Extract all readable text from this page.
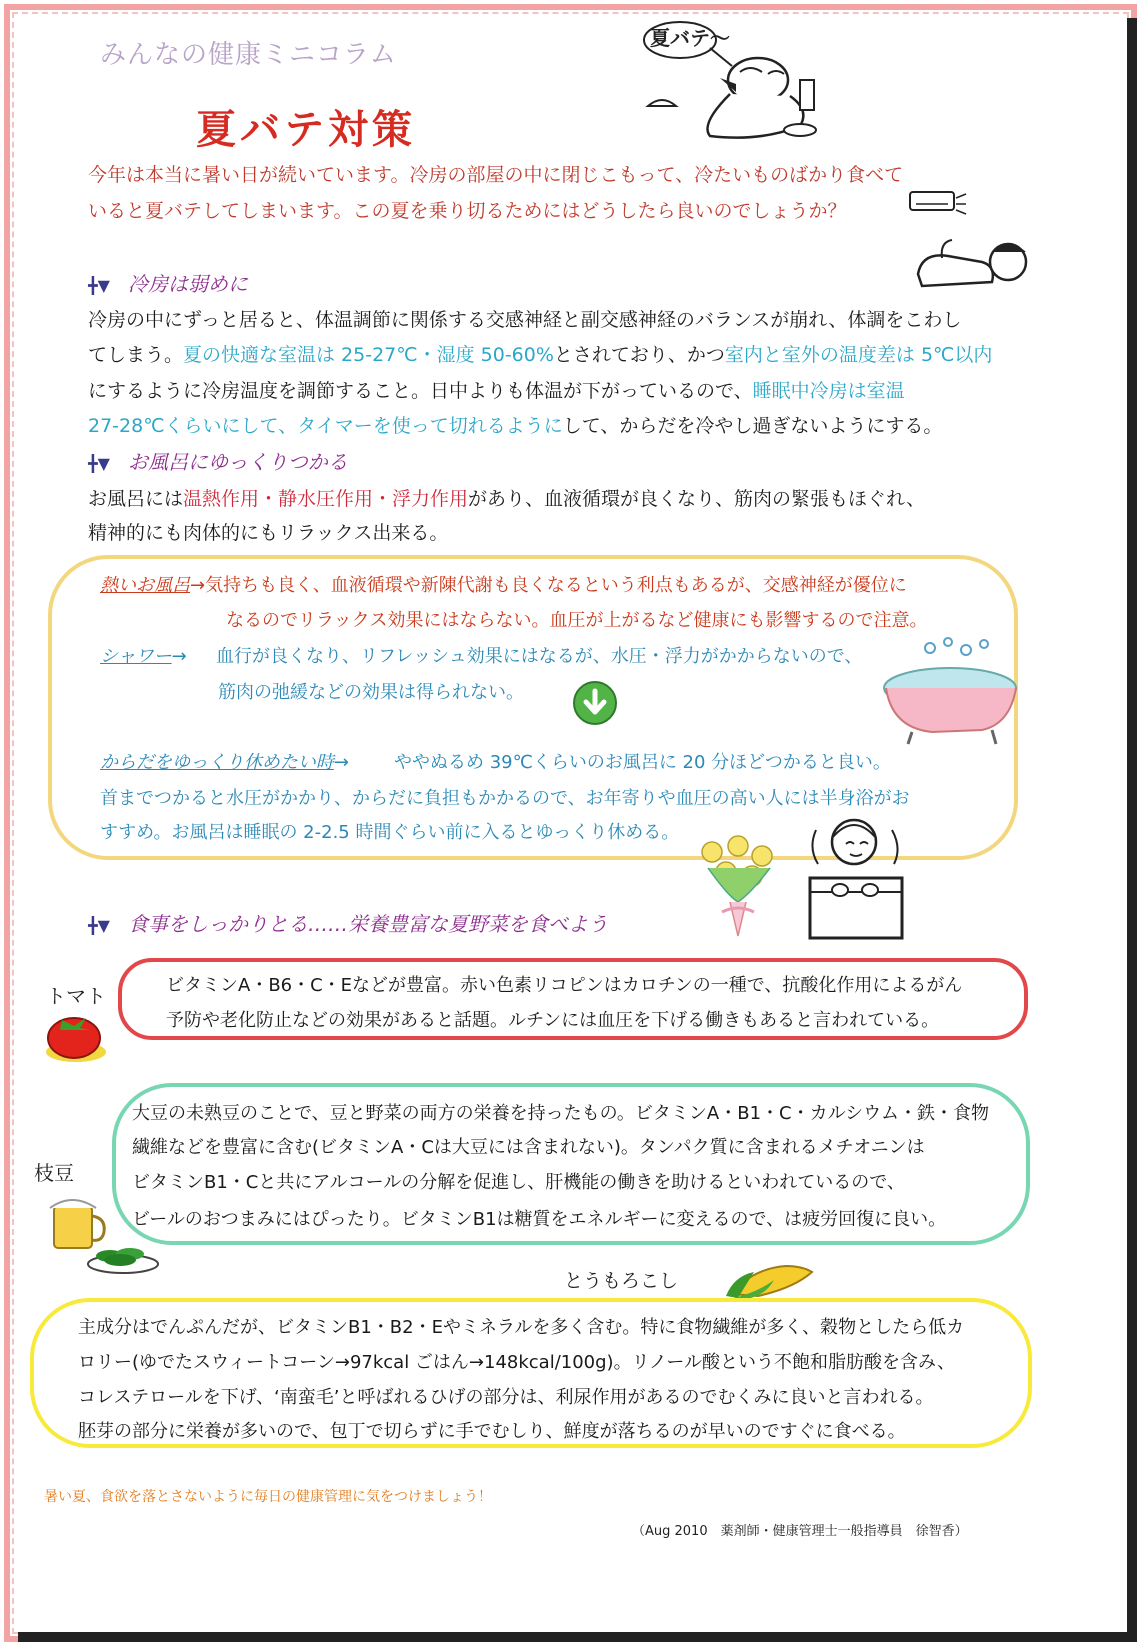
みんなの健康ミニコラム
夏バテ対策
夏バテ〜
今年は本当に暑い日が続いています。冷房の部屋の中に閉じこもって、冷たいものばかり食べて
いると夏バテしてしまいます。この夏を乗り切るためにはどうしたら良いのでしょうか？
╋▼ 冷房は弱めに
冷房の中にずっと居ると、体温調節に関係する交感神経と副交感神経のバランスが崩れ、体調をこわし
てしまう。夏の快適な室温は 25-27℃・湿度 50-60%とされており、かつ室内と室外の温度差は 5℃以内
にするように冷房温度を調節すること。日中よりも体温が下がっているので、睡眠中冷房は室温
27-28℃くらいにして、タイマーを使って切れるようにして、からだを冷やし過ぎないようにする。
╋▼ お風呂にゆっくりつかる
お風呂には温熱作用・静水圧作用・浮力作用があり、血液循環が良くなり、筋肉の緊張もほぐれ、
精神的にも肉体的にもリラックス出来る。
熱いお風呂→気持ちも良く、血液循環や新陳代謝も良くなるという利点もあるが、交感神経が優位に
なるのでリラックス効果にはならない。血圧が上がるなど健康にも影響するので注意。
シャワー→ 血行が良くなり、リフレッシュ効果にはなるが、水圧・浮力がかからないので、
筋肉の弛緩などの効果は得られない。
からだをゆっくり休めたい時→	ややぬるめ 39℃くらいのお風呂に 20 分ほどつかると良い。
首までつかると水圧がかかり、からだに負担もかかるので、お年寄りや血圧の高い人には半身浴がお
すすめ。お風呂は睡眠の 2-2.5 時間ぐらい前に入るとゆっくり休める。
╋▼ 食事をしっかりとる……栄養豊富な夏野菜を食べよう
トマト	ビタミンA・B6・C・Eなどが豊富。赤い色素リコピンはカロチンの一種で、抗酸化作用によるがん
予防や老化防止などの効果があると話題。ルチンには血圧を下げる働きもあると言われている。
枝豆
大豆の未熟豆のことで、豆と野菜の両方の栄養を持ったもの。ビタミンA・B1・C・カルシウム・鉄・食物
繊維などを豊富に含む(ビタミンA・Cは大豆には含まれない)。タンパク質に含まれるメチオニンは
ビタミンB1・Cと共にアルコールの分解を促進し、肝機能の働きを助けるといわれているので、
ビールのおつまみにはぴったり。ビタミンB1は糖質をエネルギーに変えるので、は疲労回復に良い。
とうもろこし
主成分はでんぷんだが、ビタミンB1・B2・Eやミネラルを多く含む。特に食物繊維が多く、穀物としたら低カ
ロリー(ゆでたスウィートコーン→97kcal ごはん→148kcal/100g)。リノール酸という不飽和脂肪酸を含み、
コレステロールを下げ、‘南蛮毛’と呼ばれるひげの部分は、利尿作用があるのでむくみに良いと言われる。
胚芽の部分に栄養が多いので、包丁で切らずに手でむしり、鮮度が落ちるのが早いのですぐに食べる。
暑い夏、食欲を落とさないように毎日の健康管理に気をつけましょう！
（Aug 2010　薬剤師・健康管理士一般指導員　徐智香）
